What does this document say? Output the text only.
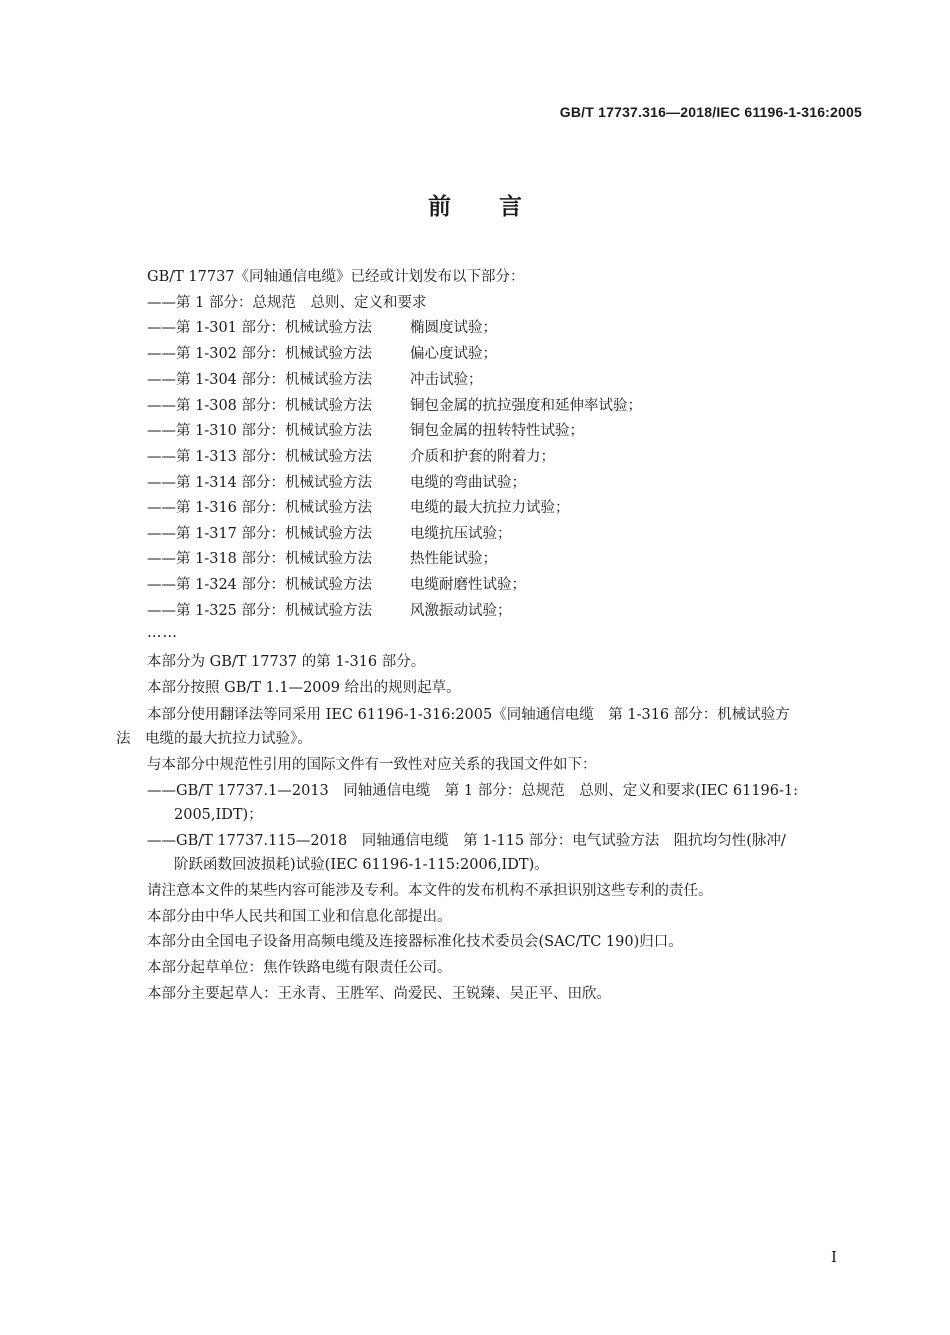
GB/T 17737.316—2018/IEC 61196-1-316:2005
前言
GB/T 17737《同轴通信电缆》已经或计划发布以下部分：
——第 1 部分：总规范　总则、定义和要求
——第 1-301 部分：机械试验方法	椭圆度试验；
——第 1-302 部分：机械试验方法	偏心度试验；
——第 1-304 部分：机械试验方法	冲击试验；
——第 1-308 部分：机械试验方法	铜包金属的抗拉强度和延伸率试验；
——第 1-310 部分：机械试验方法	铜包金属的扭转特性试验；
——第 1-313 部分：机械试验方法	介质和护套的附着力；
——第 1-314 部分：机械试验方法	电缆的弯曲试验；
——第 1-316 部分：机械试验方法	电缆的最大抗拉力试验；
——第 1-317 部分：机械试验方法	电缆抗压试验；
——第 1-318 部分：机械试验方法	热性能试验；
——第 1-324 部分：机械试验方法	电缆耐磨性试验；
——第 1-325 部分：机械试验方法	风激振动试验；
……
本部分为 GB/T 17737 的第 1-316 部分。
本部分按照 GB/T 1.1—2009 给出的规则起草。
本部分使用翻译法等同采用 IEC 61196-1-316:2005《同轴通信电缆　第 1-316 部分：机械试验方
法　电缆的最大抗拉力试验》。
与本部分中规范性引用的国际文件有一致性对应关系的我国文件如下：
——GB/T 17737.1—2013　同轴通信电缆　第 1 部分：总规范　总则、定义和要求(IEC 61196-1:
2005,IDT)；
——GB/T 17737.115—2018　同轴通信电缆　第 1-115 部分：电气试验方法　阻抗均匀性(脉冲/
阶跃函数回波损耗)试验(IEC 61196-1-115:2006,IDT)。
请注意本文件的某些内容可能涉及专利。本文件的发布机构不承担识别这些专利的责任。
本部分由中华人民共和国工业和信息化部提出。
本部分由全国电子设备用高频电缆及连接器标准化技术委员会(SAC/TC 190)归口。
本部分起草单位：焦作铁路电缆有限责任公司。
本部分主要起草人：王永青、王胜军、尚爱民、王锐臻、吴正平、田欣。
I
